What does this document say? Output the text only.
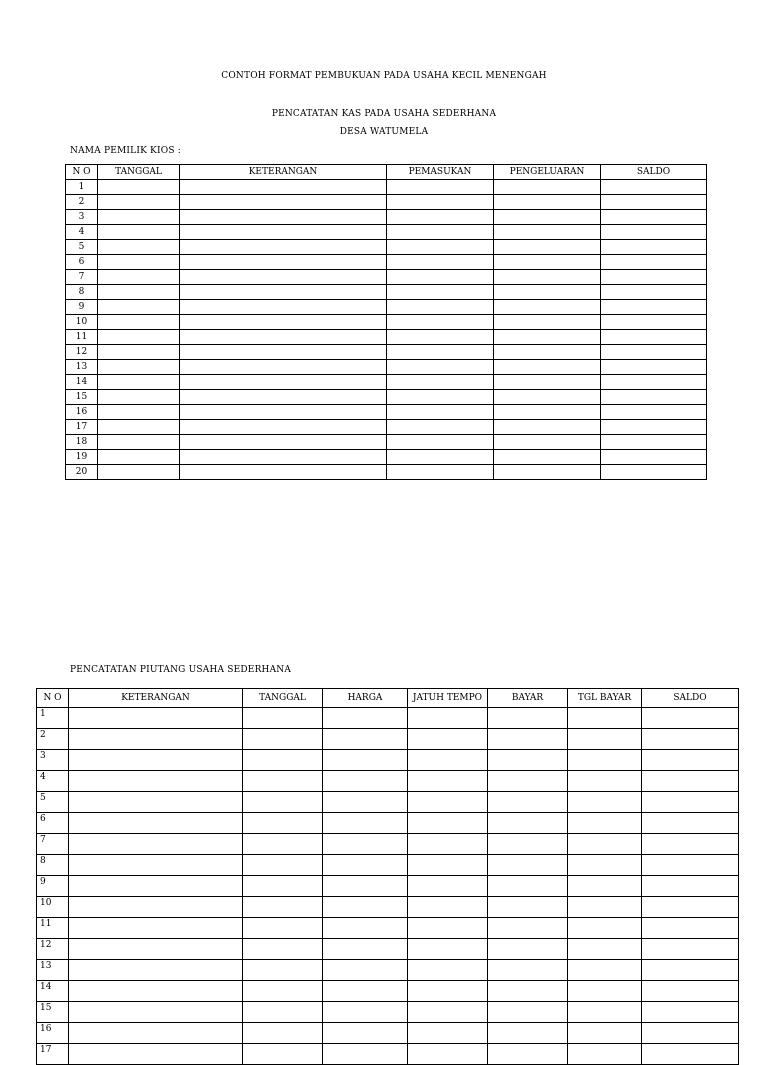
CONTOH FORMAT PEMBUKUAN PADA USAHA KECIL MENENGAH
PENCATATAN KAS PADA USAHA SEDERHANA
DESA WATUMELA
NAMA PEMILIK KIOS :
N O	TANGGAL	KETERANGAN	PEMASUKAN	PENGELUARAN	SALDO
1					
2					
3					
4					
5					
6					
7					
8					
9					
10					
11					
12					
13					
14					
15					
16					
17					
18					
19					
20					
PENCATATAN PIUTANG USAHA SEDERHANA
N O	KETERANGAN	TANGGAL	HARGA	JATUH TEMPO	BAYAR	TGL BAYAR	SALDO
1							
2							
3							
4							
5							
6							
7							
8							
9							
10							
11							
12							
13							
14							
15							
16							
17							
